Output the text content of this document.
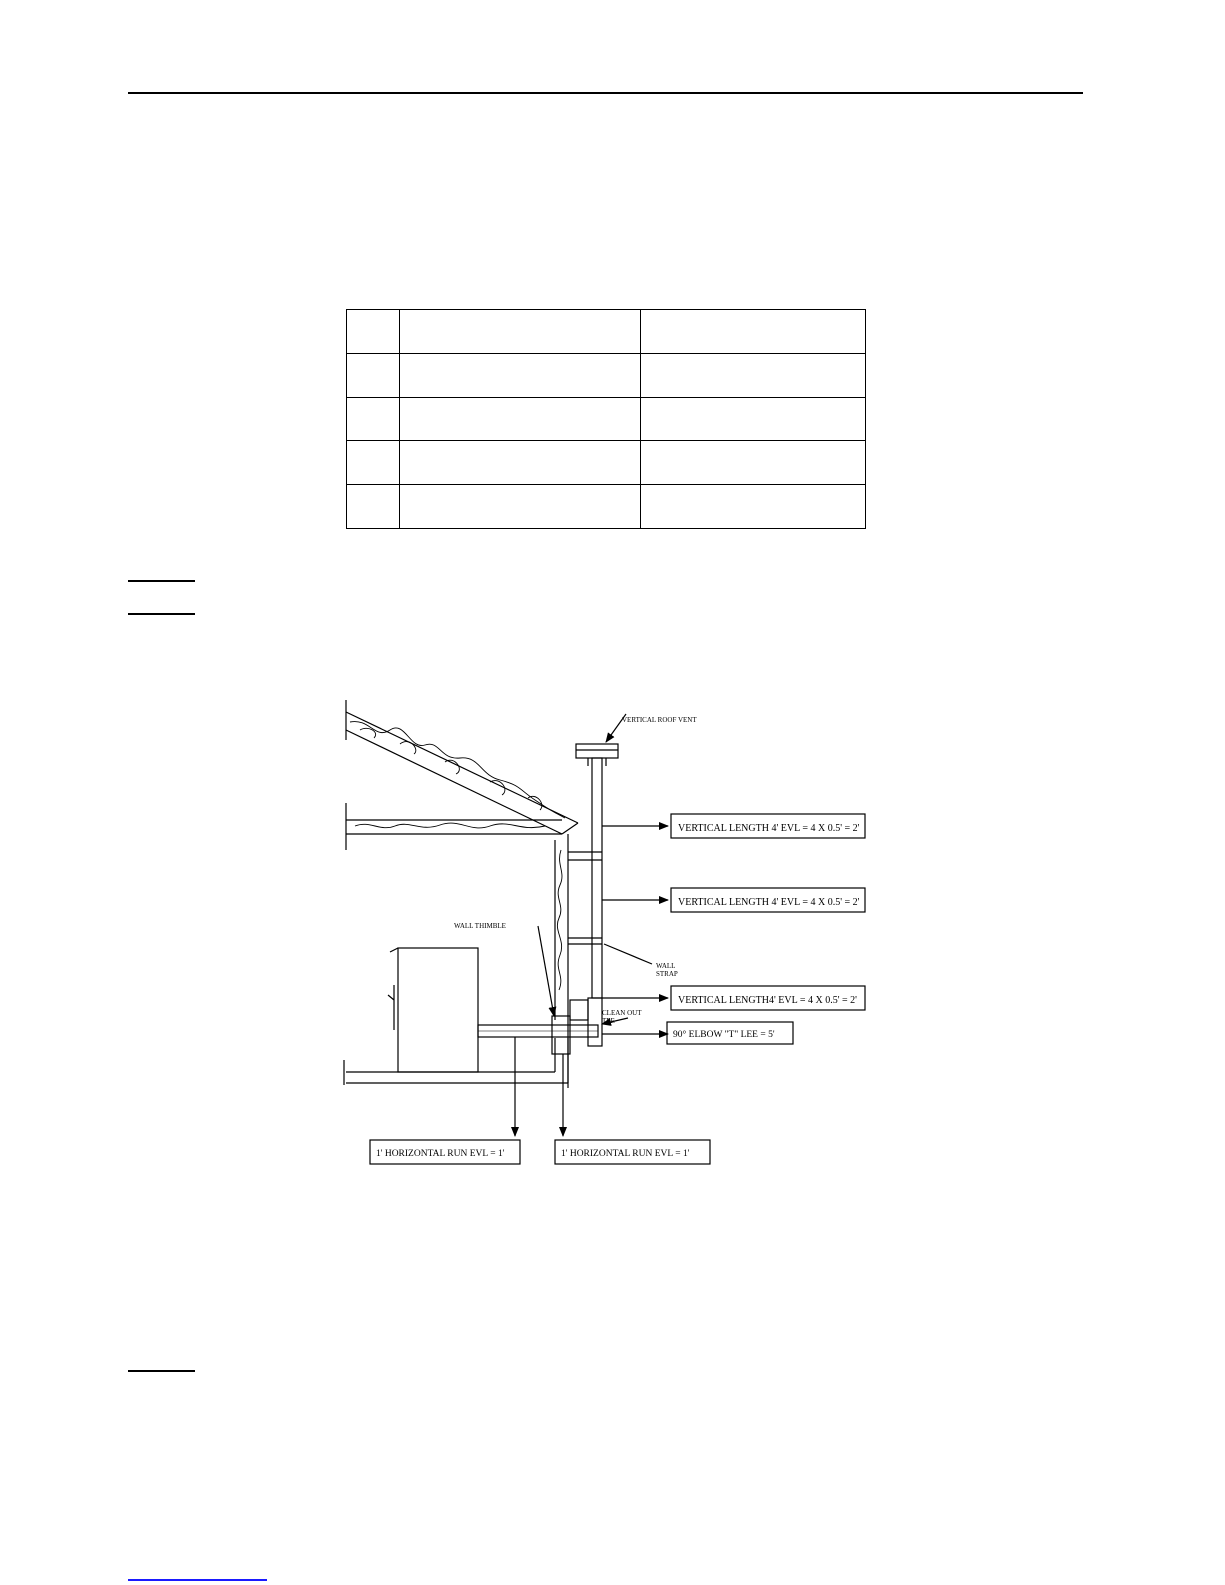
VERTICAL ROOF VENT
VERTICAL LENGTH 4' EVL = 4 X 0.5' = 2'
VERTICAL LENGTH 4' EVL = 4 X 0.5' = 2'
VERTICAL LENGTH4' EVL = 4 X 0.5' = 2'
90° ELBOW "T" LEE = 5'
WALL THIMBLE
WALL
STRAP
CLEAN OUT
TEE
1' HORIZONTAL RUN EVL = 1'	1' HORIZONTAL RUN EVL = 1'
